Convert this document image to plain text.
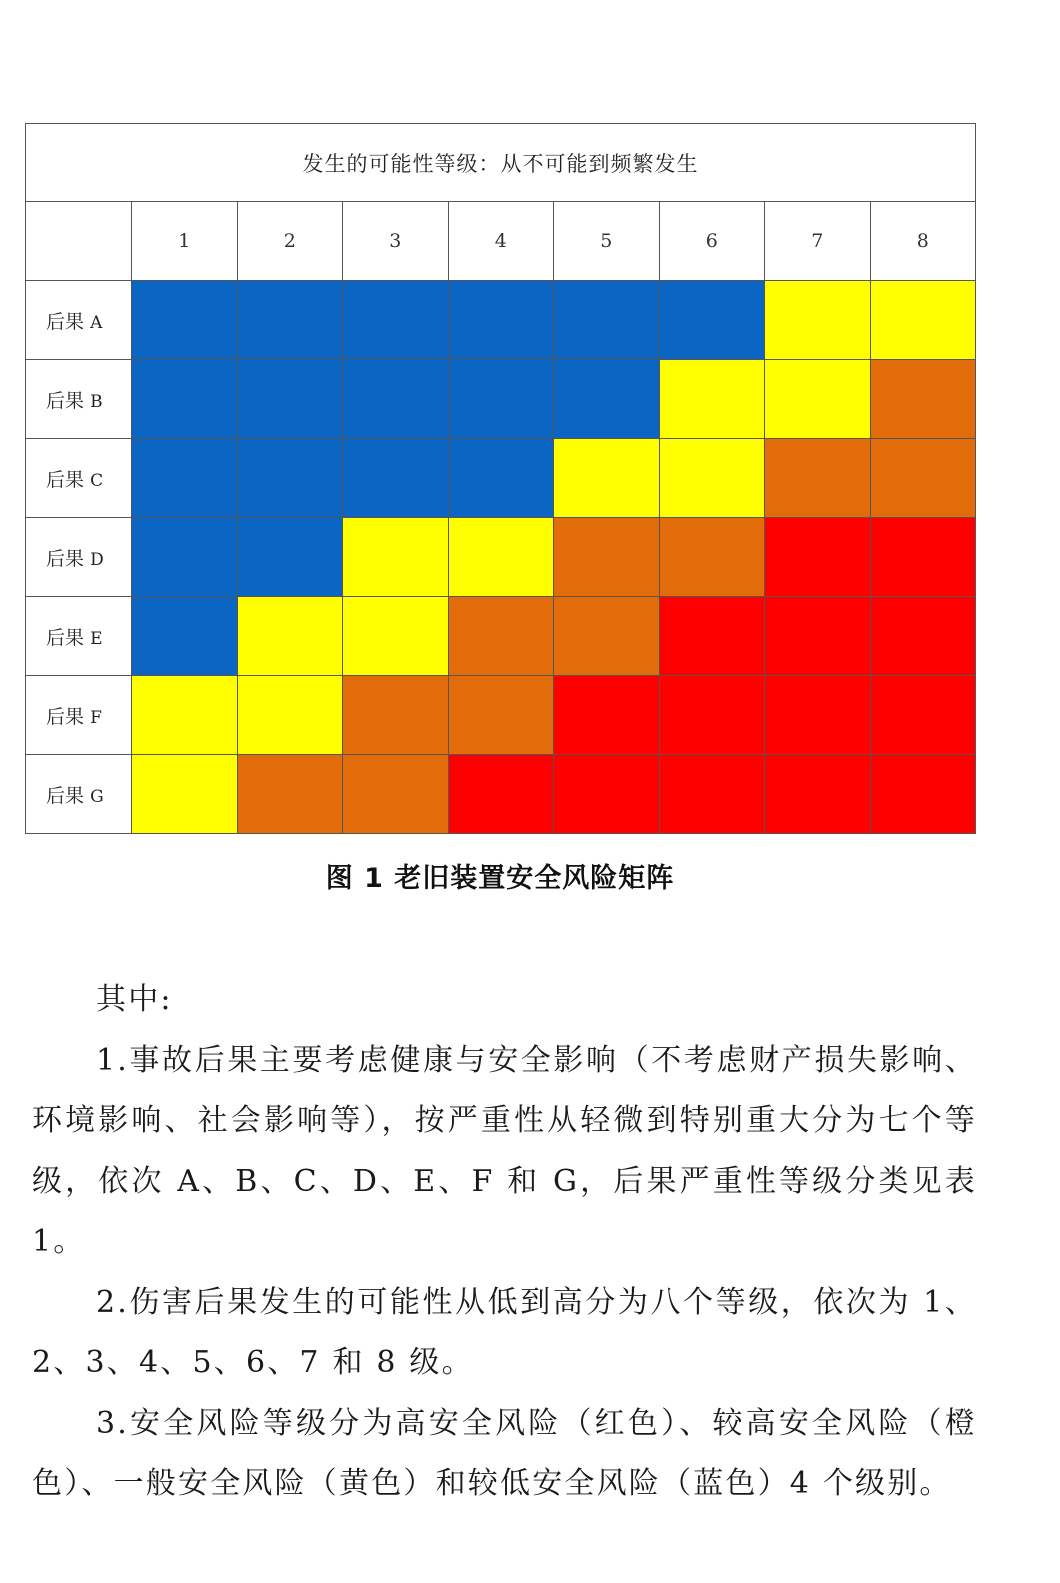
发生的可能性等级：从不可能到频繁发生								
	1	2	3	4	5	6	7	8
后果 A								
后果 B								
后果 C								
后果 D								
后果 E								
后果 F								
后果 G								
图 1 老旧装置安全风险矩阵

其中:

1.事故后果主要考虑健康与安全影响（不考虑财产损失影响、环境影响、社会影响等），按严重性从轻微到特别重大分为七个等级，依次 A、B、C、D、E、F 和 G，后果严重性等级分类见表 1。

2.伤害后果发生的可能性从低到高分为八个等级，依次为 1、2、3、4、5、6、7 和 8 级。

3.安全风险等级分为高安全风险（红色）、较高安全风险（橙色）、一般安全风险（黄色）和较低安全风险（蓝色）4 个级别。
